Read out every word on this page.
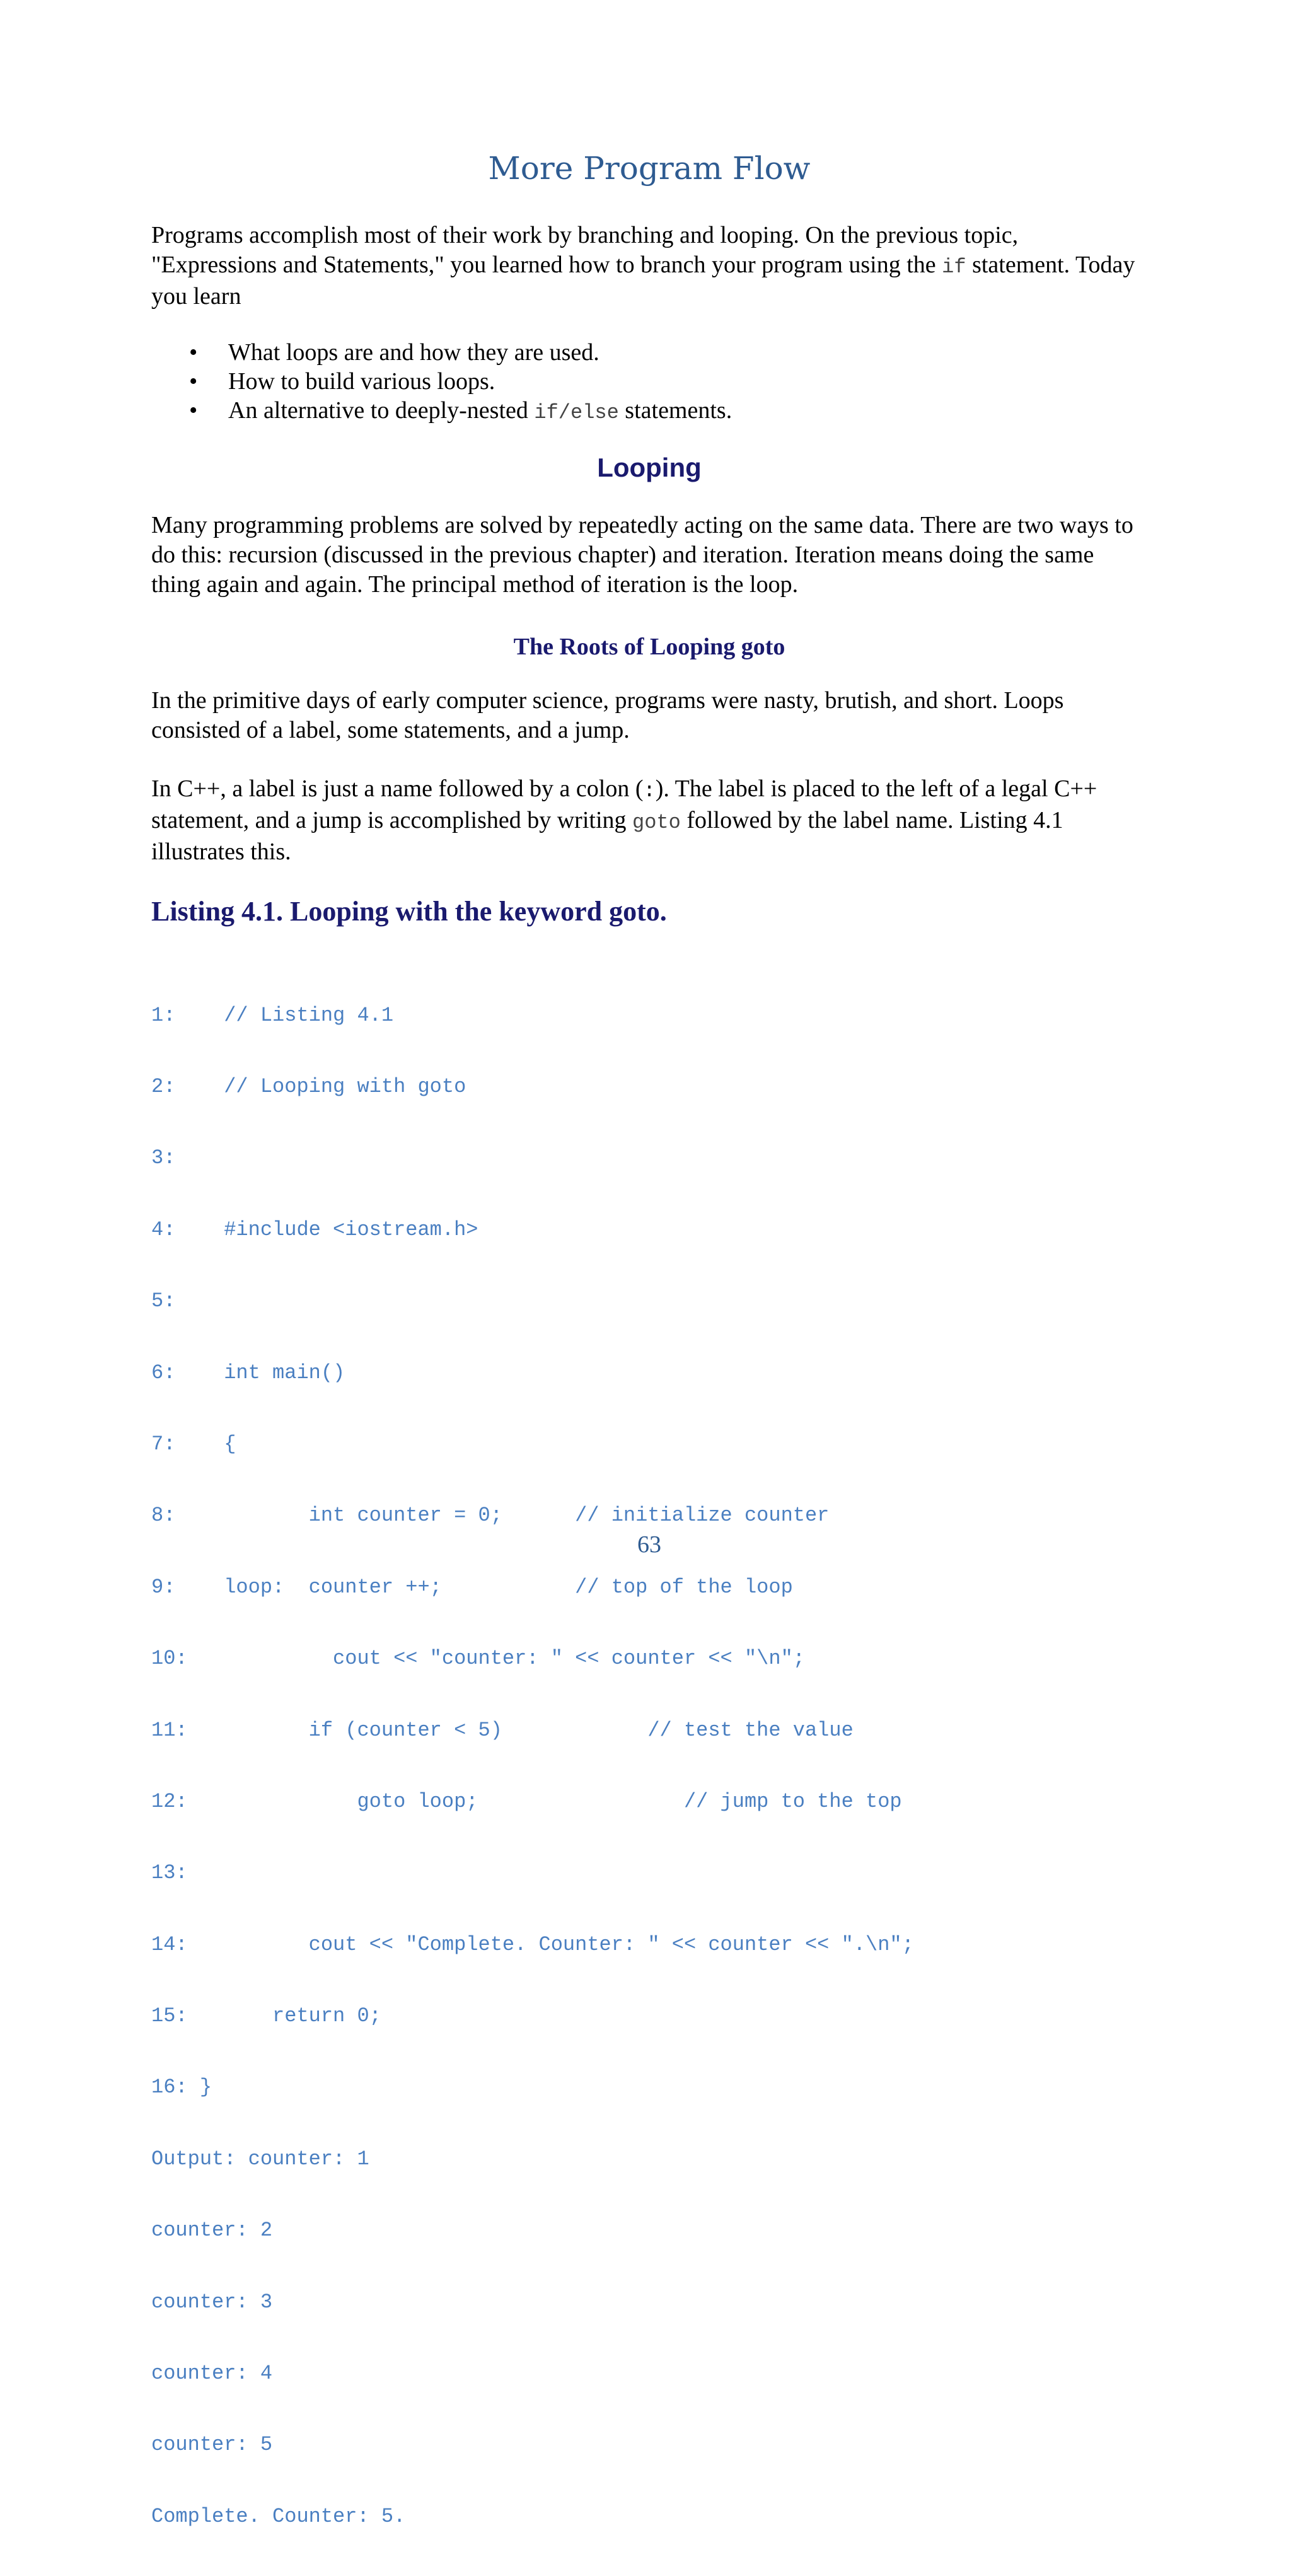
More Program Flow

Programs accomplish most of their work by branching and looping. On the previous topic, "Expressions and Statements," you learned how to branch your program using the if statement. Today you learn

• What loops are and how they are used.
• How to build various loops.
• An alternative to deeply-nested if/else statements.
Looping

Many programming problems are solved by repeatedly acting on the same data. There are two ways to do this: recursion (discussed in the previous chapter) and iteration. Iteration means doing the same thing again and again. The principal method of iteration is the loop.

The Roots of Looping goto

In the primitive days of early computer science, programs were nasty, brutish, and short. Loops consisted of a label, some statements, and a jump.

In C++, a label is just a name followed by a colon (:). The label is placed to the left of a legal C++ statement, and a jump is accomplished by writing goto followed by the label name. Listing 4.1 illustrates this.

Listing 4.1. Looping with the keyword goto.

1:    // Listing 4.1

2:    // Looping with goto

3:

4:    #include <iostream.h>

5:

6:    int main()

7:    {

8:           int counter = 0;      // initialize counter

9:    loop:  counter ++;           // top of the loop

10:            cout << "counter: " << counter << "\n";

11:          if (counter < 5)            // test the value

12:              goto loop;                 // jump to the top

13:

14:          cout << "Complete. Counter: " << counter << ".\n";

15:       return 0;

16: }

Output: counter: 1

counter: 2

counter: 3

counter: 4

counter: 5

Complete. Counter: 5.

63
